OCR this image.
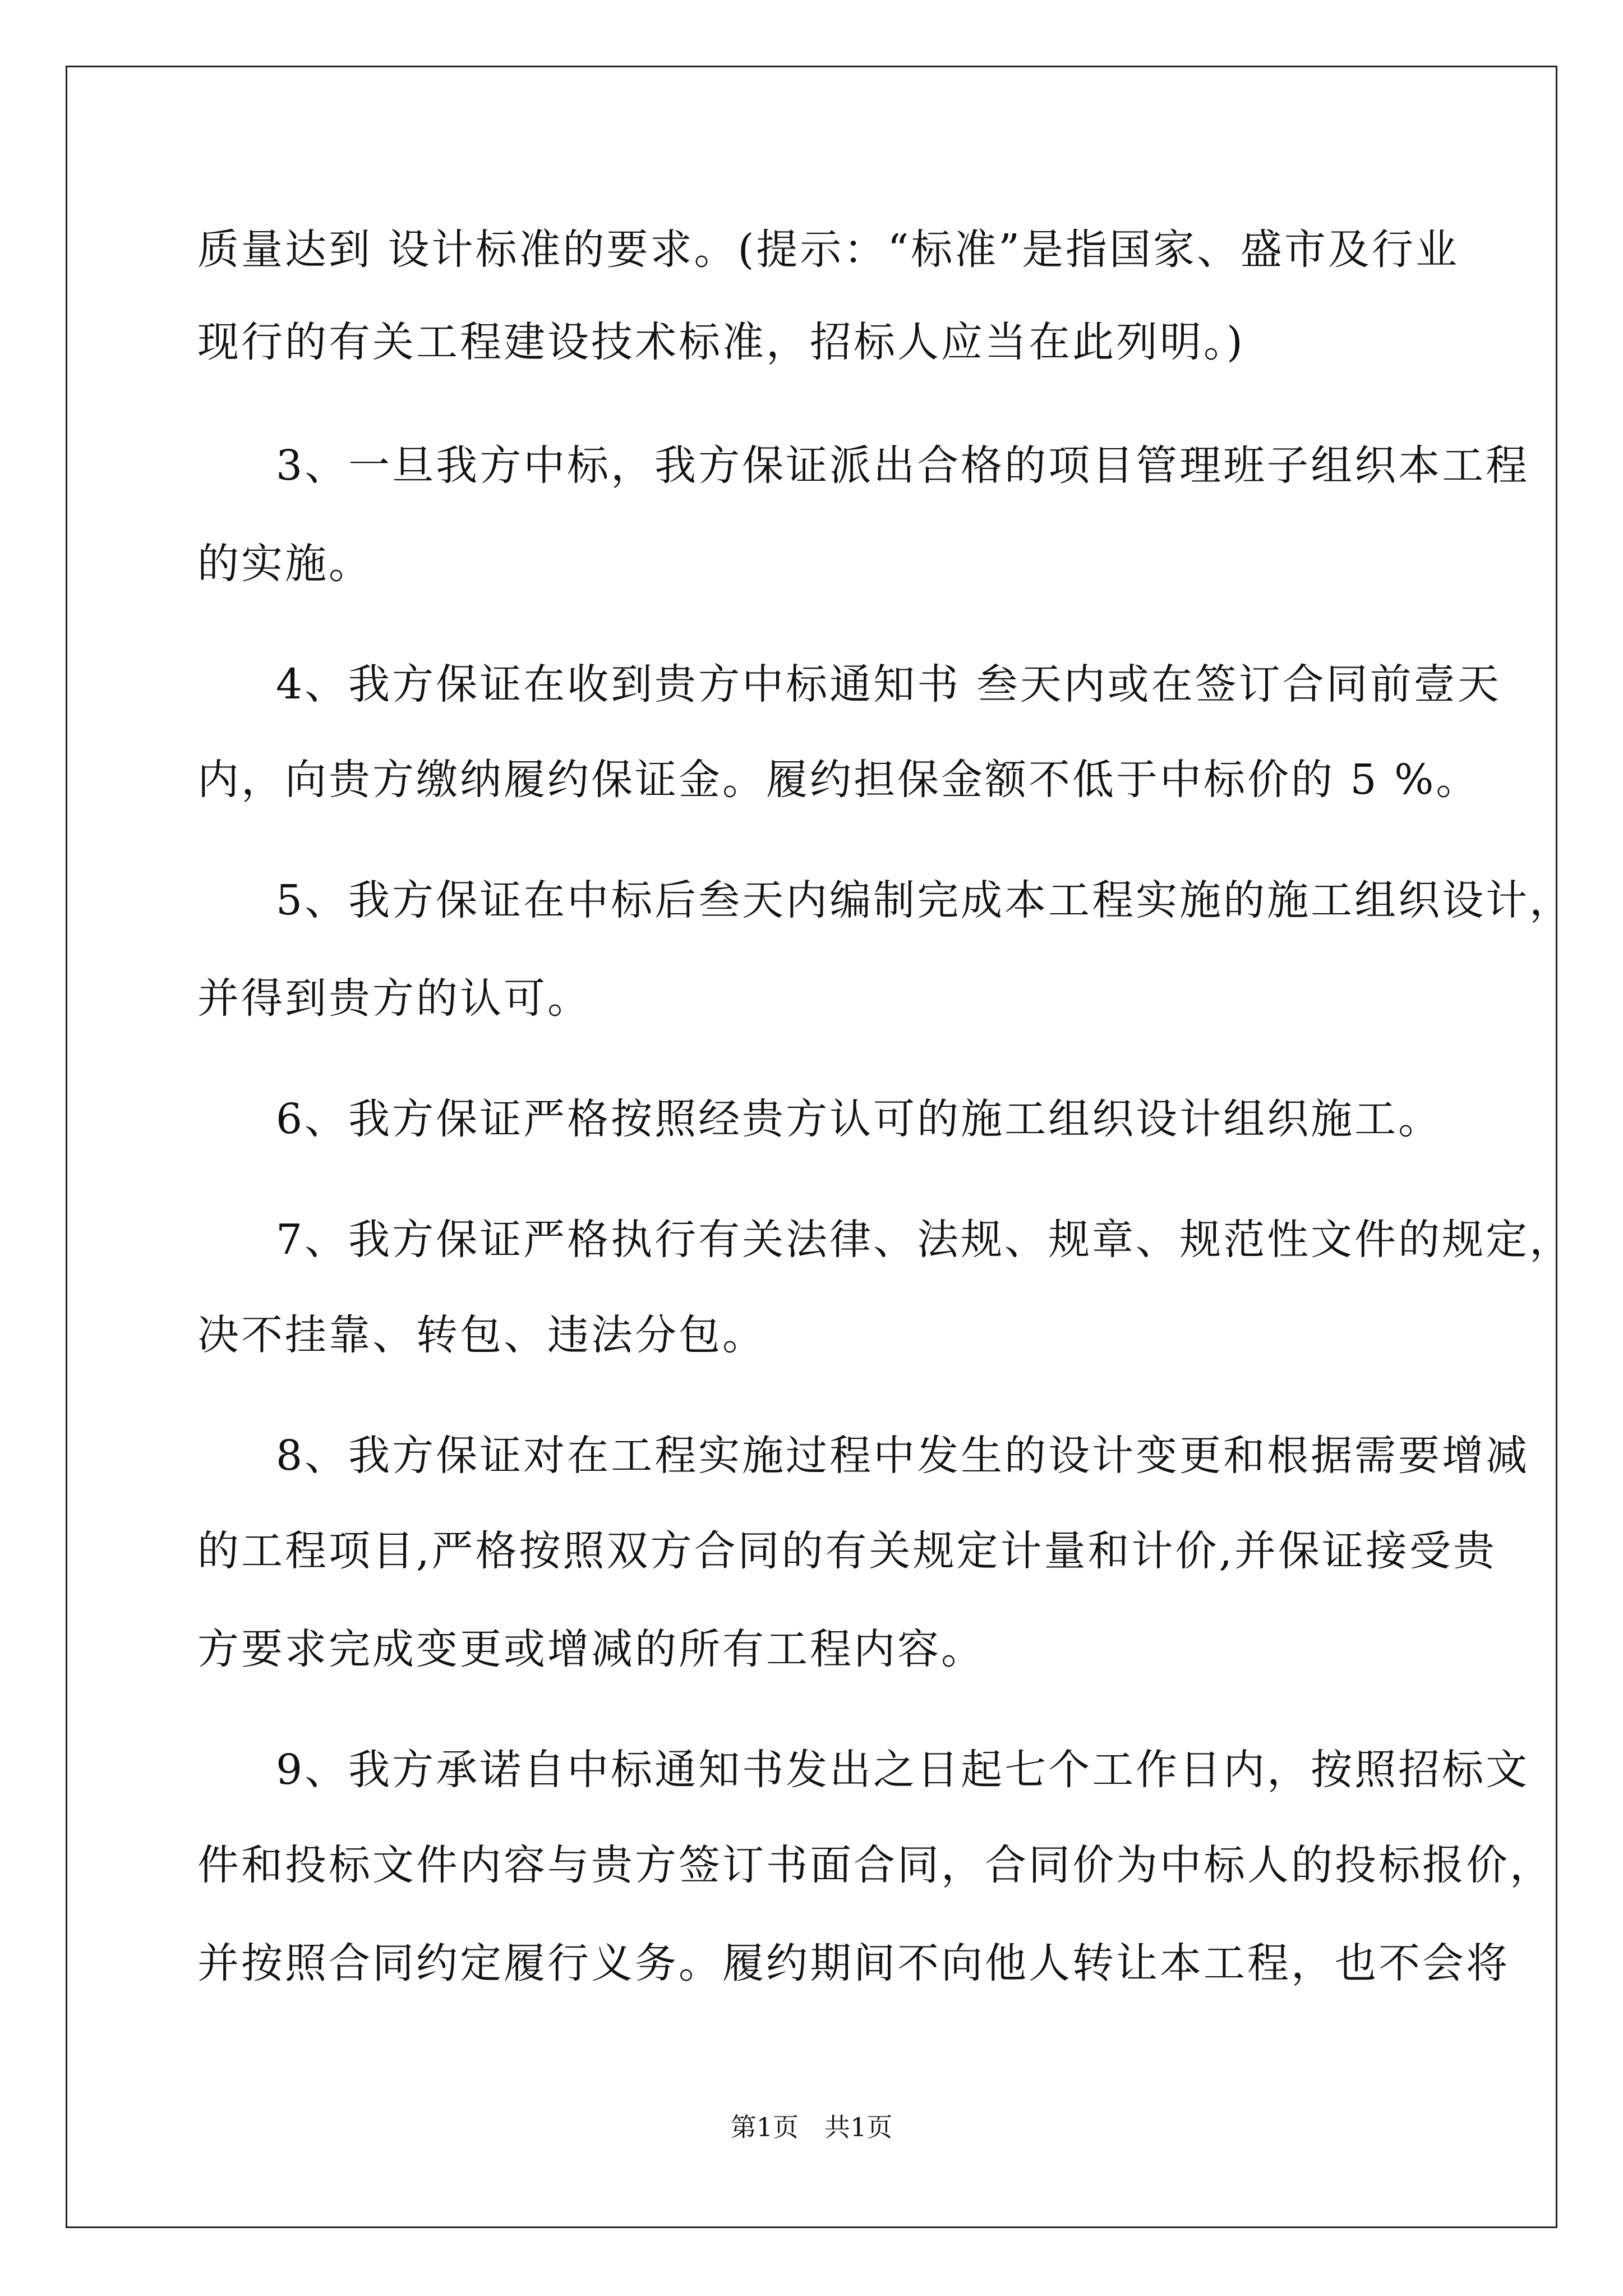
质量达到 设计标准的要求。(提示：“标准”是指国家、盛市及行业
现行的有关工程建设技术标准，招标人应当在此列明。)
3、一旦我方中标，我方保证派出合格的项目管理班子组织本工程
的实施。
4、我方保证在收到贵方中标通知书 叁天内或在签订合同前壹天
内，向贵方缴纳履约保证金。履约担保金额不低于中标价的 5 %。
5、我方保证在中标后叁天内编制完成本工程实施的施工组织设计，
并得到贵方的认可。
6、我方保证严格按照经贵方认可的施工组织设计组织施工。
7、我方保证严格执行有关法律、法规、规章、规范性文件的规定，
决不挂靠、转包、违法分包。
8、我方保证对在工程实施过程中发生的设计变更和根据需要增减
的工程项目,严格按照双方合同的有关规定计量和计价,并保证接受贵
方要求完成变更或增减的所有工程内容。
9、我方承诺自中标通知书发出之日起七个工作日内，按照招标文
件和投标文件内容与贵方签订书面合同，合同价为中标人的投标报价，
并按照合同约定履行义务。履约期间不向他人转让本工程，也不会将
第1页　共1页
